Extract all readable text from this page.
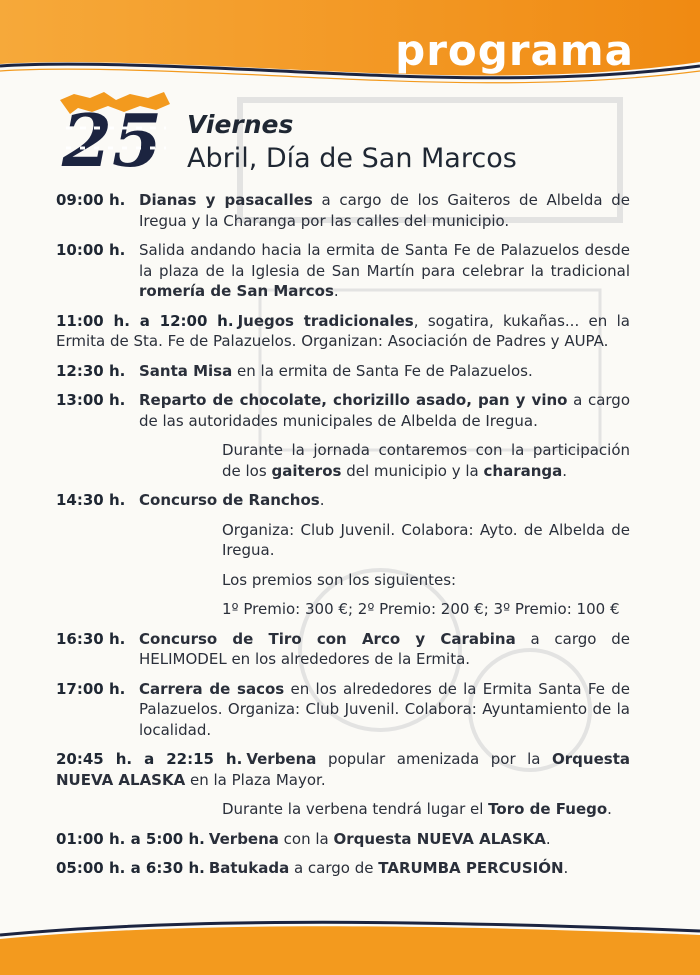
programa
25 Viernes
Abril, Día de San Marcos
09:00 h. Dianas y pasacalles a cargo de los Gaiteros de Albelda de Iregua y la Charanga por las calles del municipio.
10:00 h. Salida andando hacia la ermita de Santa Fe de Palazuelos desde la plaza de la Iglesia de San Martín para celebrar la tradicional romería de San Marcos.
11:00 h. a 12:00 h. Juegos tradicionales, sogatira, kukañas... en la Ermita de Sta. Fe de Palazuelos. Organizan: Asociación de Padres y AUPA.
12:30 h. Santa Misa en la ermita de Santa Fe de Palazuelos.
13:00 h. Reparto de chocolate, chorizillo asado, pan y vino a cargo de las autoridades municipales de Albelda de Iregua.
Durante la jornada contaremos con la participación de los gaiteros del municipio y la charanga.
14:30 h. Concurso de Ranchos.
Organiza: Club Juvenil. Colabora: Ayto. de Albelda de Iregua.
Los premios son los siguientes:
1º Premio: 300 €; 2º Premio: 200 €; 3º Premio: 100 €
16:30 h. Concurso de Tiro con Arco y Carabina a cargo de HELIMODEL en los alrededores de la Ermita.
17:00 h. Carrera de sacos en los alrededores de la Ermita Santa Fe de Palazuelos. Organiza: Club Juvenil. Colabora: Ayuntamiento de la localidad.
20:45 h. a 22:15 h. Verbena popular amenizada por la Orquesta NUEVA ALASKA en la Plaza Mayor.
Durante la verbena tendrá lugar el Toro de Fuego.
01:00 h. a 5:00 h. Verbena con la Orquesta NUEVA ALASKA.
05:00 h. a 6:30 h. Batukada a cargo de TARUMBA PERCUSIÓN.
